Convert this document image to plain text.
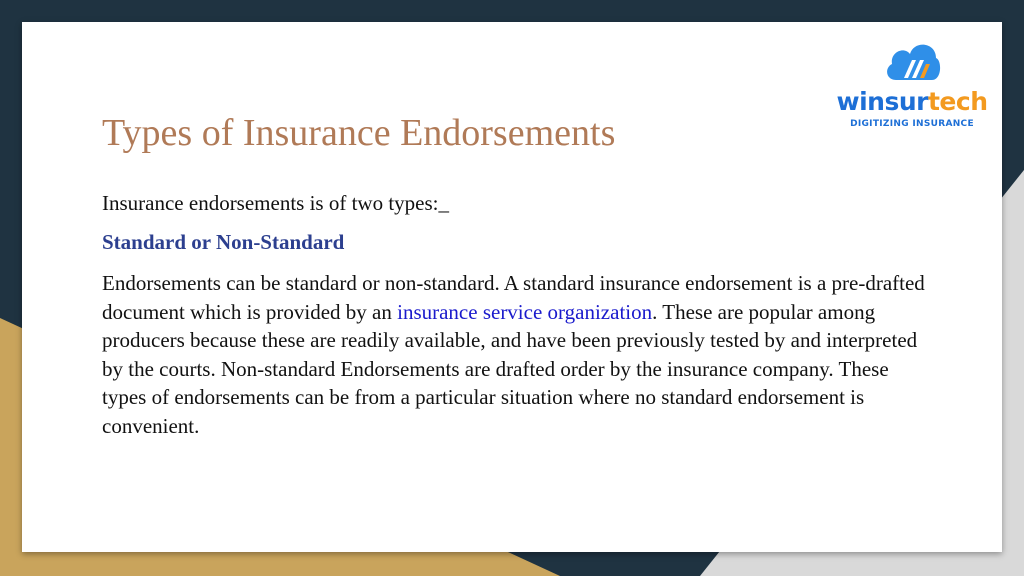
winsurtech
DIGITIZING INSURANCE
Types of Insurance Endorsements

Insurance endorsements is of two types:_

Standard or Non-Standard

Endorsements can be standard or non-standard. A standard insurance endorsement is a pre-drafted document which is provided by an insurance service organization. These are popular among producers because these are readily available, and have been previously tested by and interpreted by the courts. Non-standard Endorsements are drafted order by the insurance company. These types of endorsements can be from a particular situation where no standard endorsement is convenient.
